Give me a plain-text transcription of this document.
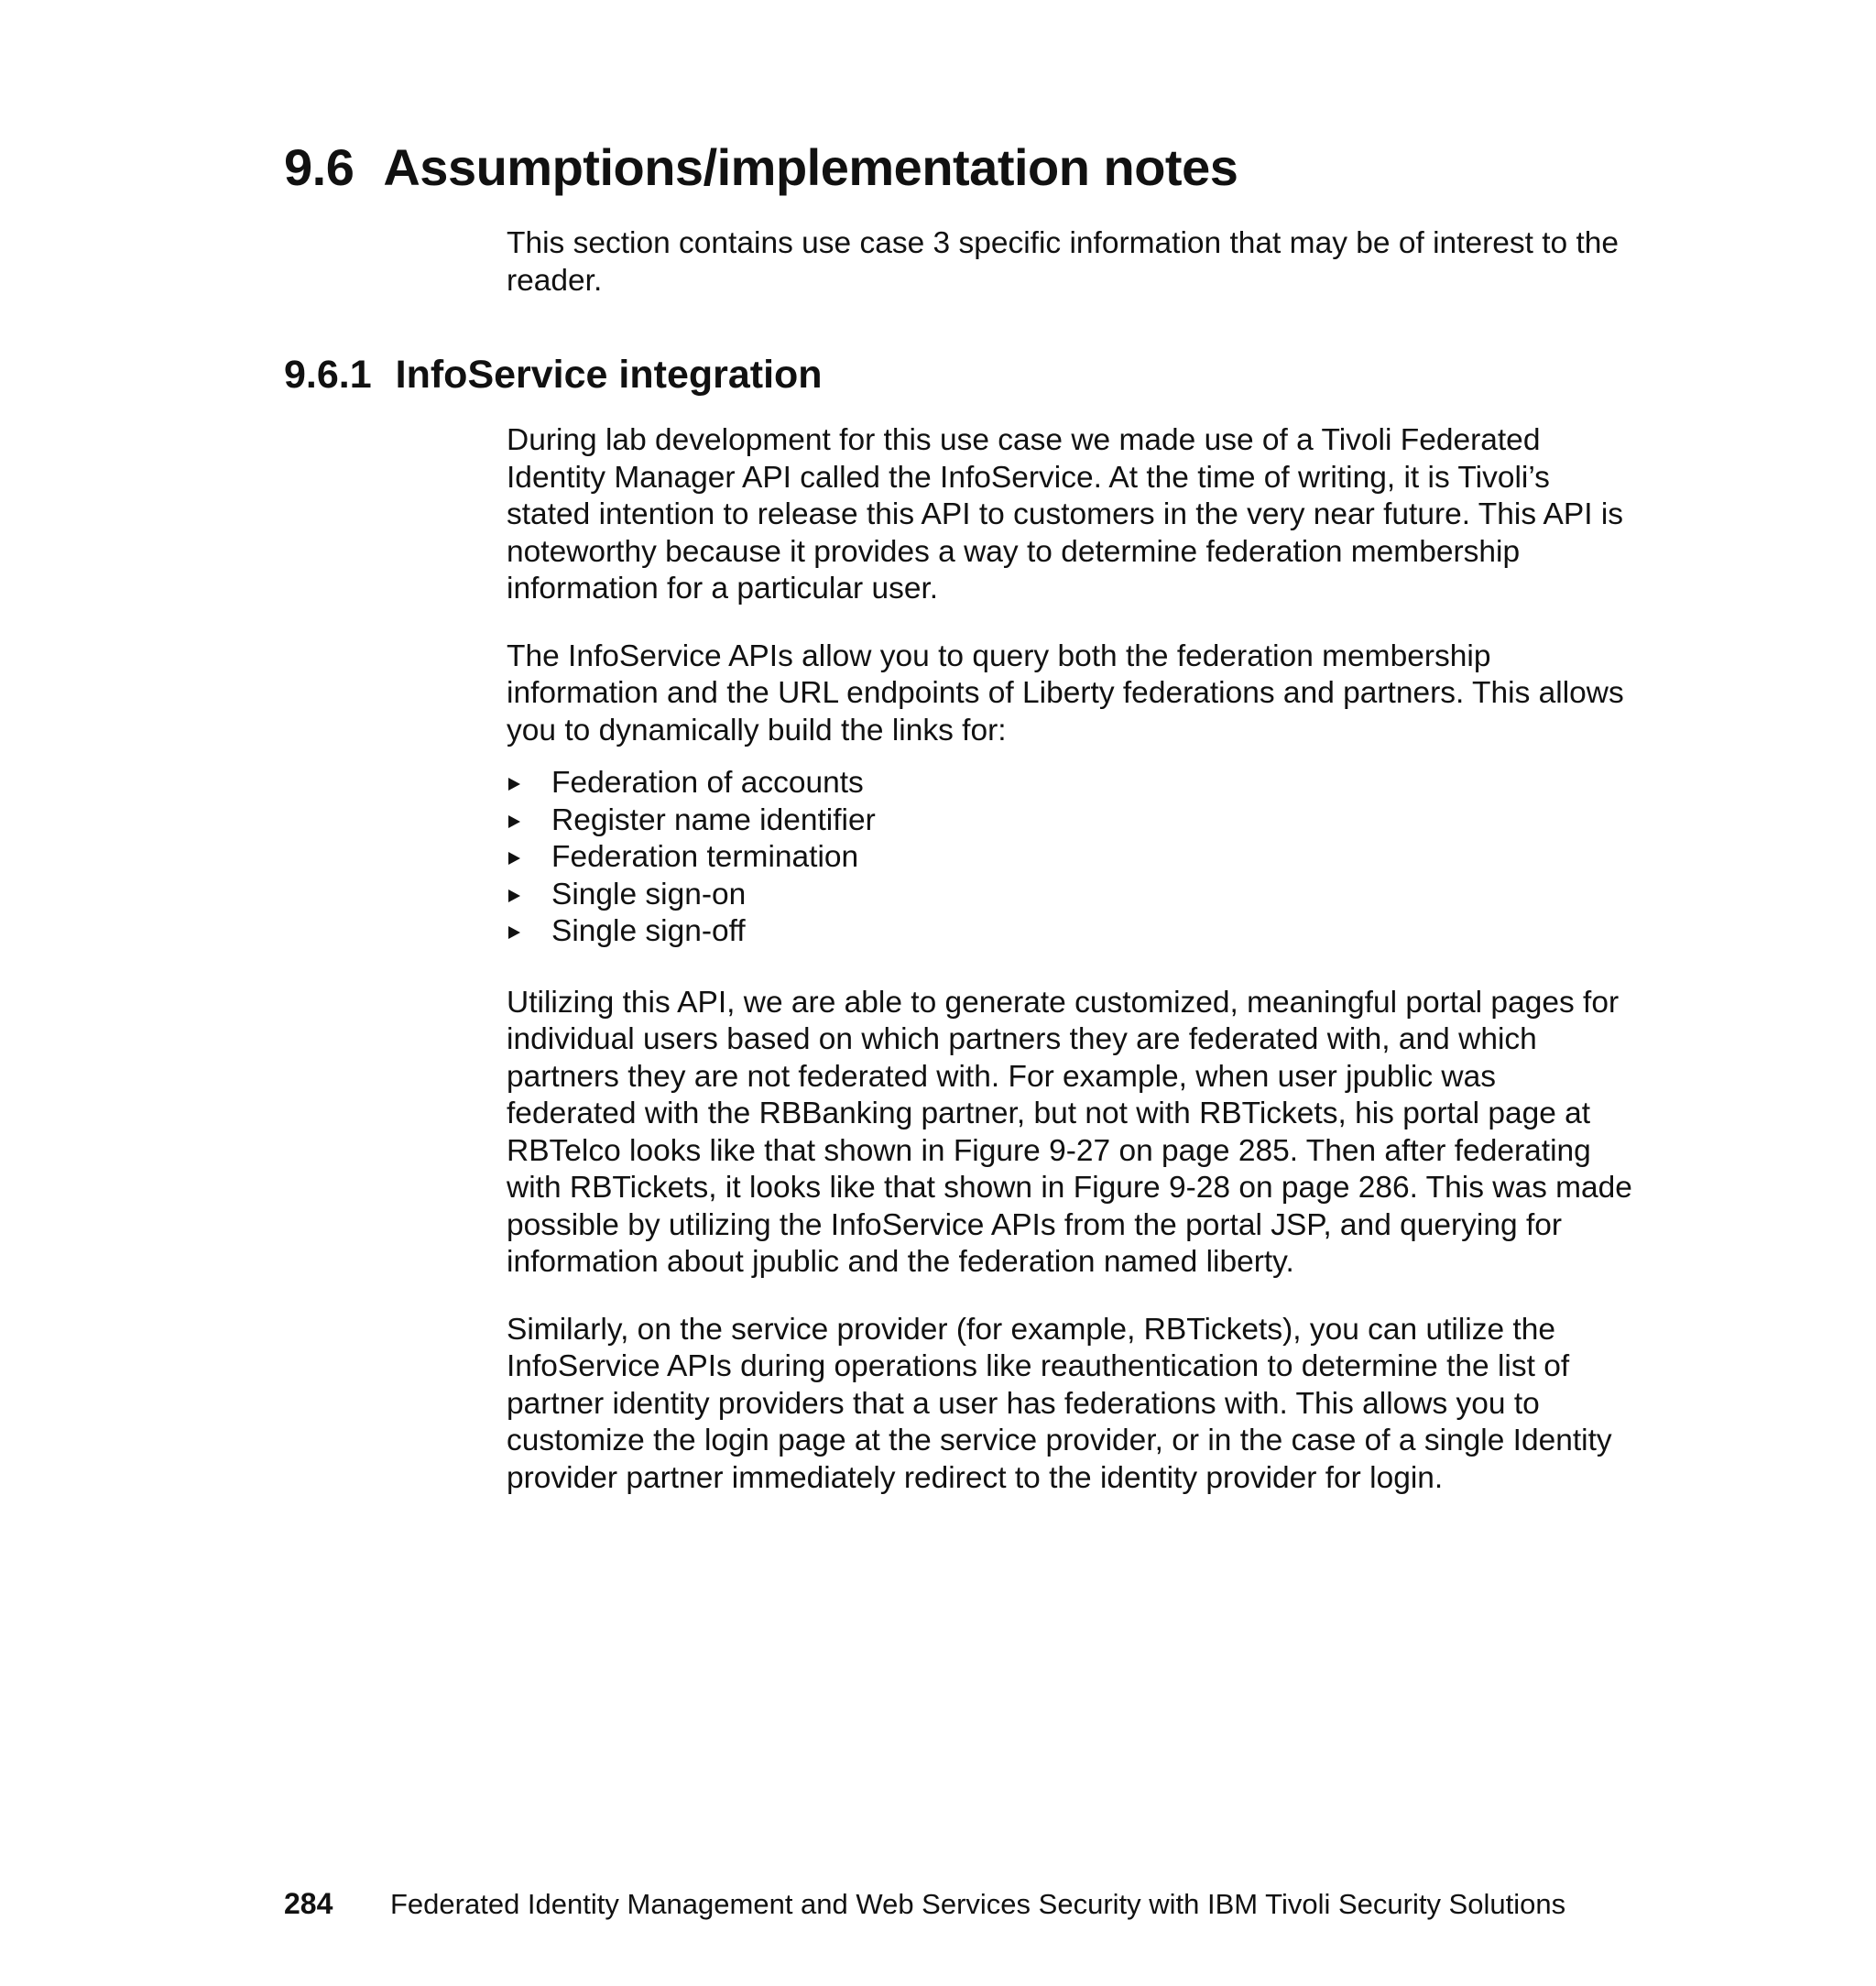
9.6 Assumptions/implementation notes

This section contains use case 3 specific information that may be of interest to the reader.

9.6.1 InfoService integration

During lab development for this use case we made use of a Tivoli Federated Identity Manager API called the InfoService. At the time of writing, it is Tivoli’s stated intention to release this API to customers in the very near future. This API is noteworthy because it provides a way to determine federation membership information for a particular user.

The InfoService APIs allow you to query both the federation membership information and the URL endpoints of Liberty federations and partners. This allows you to dynamically build the links for:

Federation of accounts
Register name identifier
Federation termination
Single sign-on
Single sign-off

Utilizing this API, we are able to generate customized, meaningful portal pages for individual users based on which partners they are federated with, and which partners they are not federated with. For example, when user jpublic was federated with the RBBanking partner, but not with RBTickets, his portal page at RBTelco looks like that shown in Figure 9-27 on page 285. Then after federating with RBTickets, it looks like that shown in Figure 9-28 on page 286. This was made possible by utilizing the InfoService APIs from the portal JSP, and querying for information about jpublic and the federation named liberty.

Similarly, on the service provider (for example, RBTickets), you can utilize the InfoService APIs during operations like reauthentication to determine the list of partner identity providers that a user has federations with. This allows you to customize the login page at the service provider, or in the case of a single Identity provider partner immediately redirect to the identity provider for login.

284 Federated Identity Management and Web Services Security with IBM Tivoli Security Solutions
